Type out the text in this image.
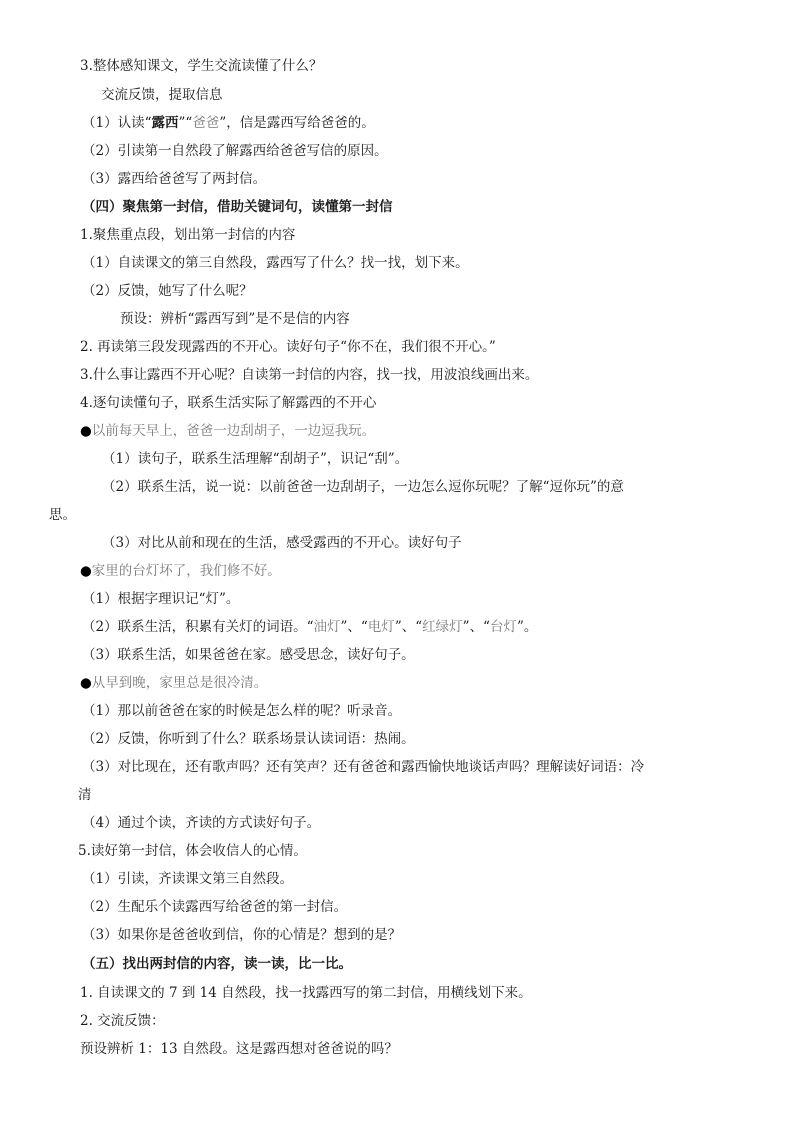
3.整体感知课文，学生交流读懂了什么？
交流反馈，提取信息
（1）认读“露西”“爸爸”，信是露西写给爸爸的。
（2）引读第一自然段了解露西给爸爸写信的原因。
（3）露西给爸爸写了两封信。
（四）聚焦第一封信，借助关键词句，读懂第一封信
1.聚焦重点段，划出第一封信的内容
（1）自读课文的第三自然段，露西写了什么？找一找，划下来。
（2）反馈，她写了什么呢？
预设：辨析“露西写到”是不是信的内容
2. 再读第三段发现露西的不开心。读好句子“你不在，我们很不开心。”
3.什么事让露西不开心呢？自读第一封信的内容，找一找，用波浪线画出来。
4.逐句读懂句子，联系生活实际了解露西的不开心
●以前每天早上，爸爸一边刮胡子，一边逗我玩。
（1）读句子，联系生活理解“刮胡子”，识记“刮”。
（2）联系生活，说一说：以前爸爸一边刮胡子，一边怎么逗你玩呢？了解“逗你玩”的意
思。
（3）对比从前和现在的生活，感受露西的不开心。读好句子
●家里的台灯坏了，我们修不好。
（1）根据字理识记“灯”。
（2）联系生活，积累有关灯的词语。“油灯”、“电灯”、“红绿灯”、“台灯”。
（3）联系生活，如果爸爸在家。感受思念，读好句子。
●从早到晚，家里总是很冷清。
（1）那以前爸爸在家的时候是怎么样的呢？听录音。
（2）反馈，你听到了什么？联系场景认读词语：热闹。
（3）对比现在，还有歌声吗？还有笑声？还有爸爸和露西愉快地谈话声吗？理解读好词语：冷
清
（4）通过个读，齐读的方式读好句子。
5.读好第一封信，体会收信人的心情。
（1）引读，齐读课文第三自然段。
（2）生配乐个读露西写给爸爸的第一封信。
（3）如果你是爸爸收到信，你的心情是？想到的是？
（五）找出两封信的内容，读一读，比一比。
1. 自读课文的 7 到 14 自然段，找一找露西写的第二封信，用横线划下来。
2. 交流反馈：
预设辨析 1：13 自然段。这是露西想对爸爸说的吗？
